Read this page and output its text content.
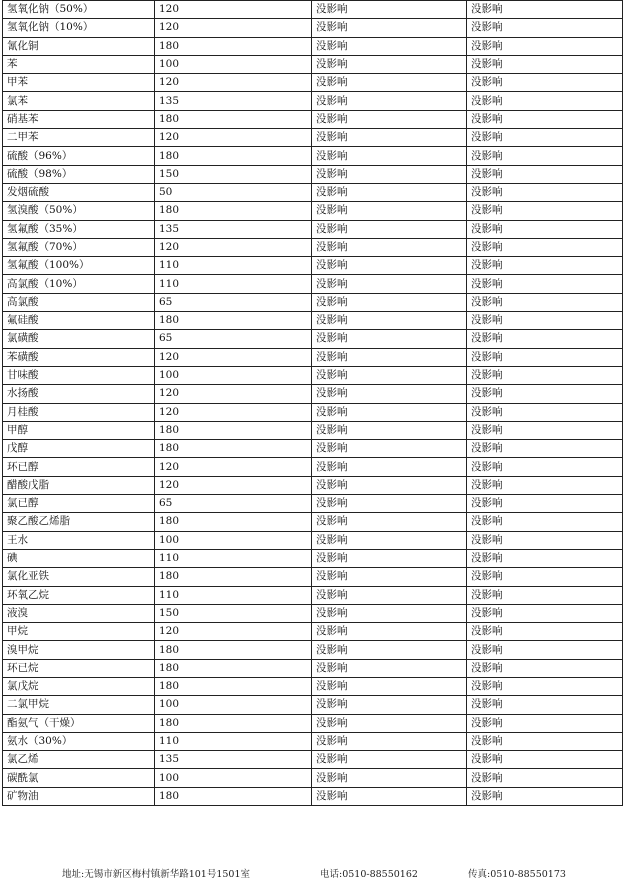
氢氧化钠（50%）	120	没影响	没影响
氢氧化钠（10%）	120	没影响	没影响
氰化铜	180	没影响	没影响
苯	100	没影响	没影响
甲苯	120	没影响	没影响
氯苯	135	没影响	没影响
硝基苯	180	没影响	没影响
二甲苯	120	没影响	没影响
硫酸（96%）	180	没影响	没影响
硫酸（98%）	150	没影响	没影响
发烟硫酸	50	没影响	没影响
氢溴酸（50%）	180	没影响	没影响
氢氟酸（35%）	135	没影响	没影响
氢氟酸（70%）	120	没影响	没影响
氢氟酸（100%）	110	没影响	没影响
高氯酸（10%）	110	没影响	没影响
高氯酸	65	没影响	没影响
氟硅酸	180	没影响	没影响
氯磺酸	65	没影响	没影响
苯磺酸	120	没影响	没影响
甘味酸	100	没影响	没影响
水扬酸	120	没影响	没影响
月桂酸	120	没影响	没影响
甲醇	180	没影响	没影响
戊醇	180	没影响	没影响
环已醇	120	没影响	没影响
醋酸戊脂	120	没影响	没影响
氯已醇	65	没影响	没影响
聚乙酸乙烯脂	180	没影响	没影响
王水	100	没影响	没影响
碘	110	没影响	没影响
氯化亚铁	180	没影响	没影响
环氧乙烷	110	没影响	没影响
液溴	150	没影响	没影响
甲烷	120	没影响	没影响
溴甲烷	180	没影响	没影响
环已烷	180	没影响	没影响
氯戊烷	180	没影响	没影响
二氯甲烷	100	没影响	没影响
酯氨气（干燥）	180	没影响	没影响
氨水（30%）	110	没影响	没影响
氯乙烯	135	没影响	没影响
碳酰氯	100	没影响	没影响
矿物油	180	没影响	没影响
地址:无锡市新区梅村镇新华路101号1501室	电话:0510-88550162	传真:0510-88550173
